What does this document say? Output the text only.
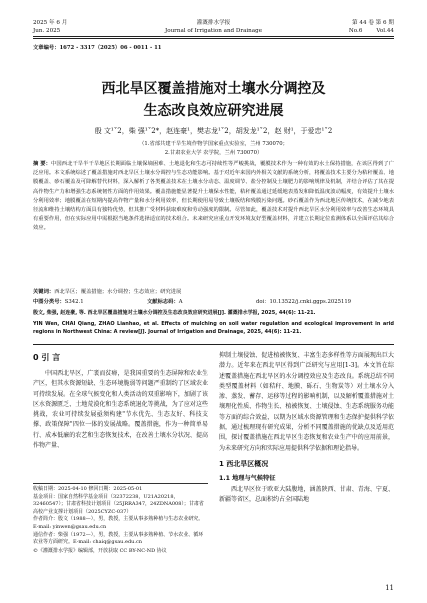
2025 年 6 月
Jun. 2025
灌溉排水学报
Journal of Irrigation and Drainage
第 44 卷 第 6 期
No.6	Vol.44
文章编号：1672 - 3317（2025）06 - 0011 - 11
西北旱区覆盖措施对土壤水分调控及
生态改良效应研究进展
殷 文¹ˇ2，柴 强¹ˇ2*，赵连豪¹，樊志龙¹ˇ2，胡发龙¹ˇ2，赵 财¹，于爱忠¹ˇ2
（1.省部共建干旱生境作物学国家重点实验室，兰州 730070；
2.甘肃农业大学 农学院，兰州 730070）
摘 要：中国西北干旱半干旱地区长期面临土壤保墒困难、土地退化和生态可持续性等严峻挑战，覆膜技术作为一种有效的水土保持措施，在该区得到了广泛应用。本文系统综述了覆盖措施对西北旱区土壤水分调控与生态功能影响。基于对近年来国内外相关文献的系统分析，将覆盖技术主要分为秸秆覆盖、地膜覆盖、砂石覆盖及可降解替代材料，深入解析了各类覆盖技术在土壤水分动态、温度调节、盐分控制及土壤肥力的影响规律及机制，并结合评估了其在提高作物生产力和增强生态系统韧性方面的作用效果。覆盖措施能显著提升土壤保水性能，秸秆覆盖通过延缓地表蒸发和降低温度波动幅度，有效提升土壤水分利用效率；地膜覆盖在短期内提高作物产量和水分利用效率，但长期使用易导致土壤板结和残膜污染问题。砂石覆盖作为西北地区传统技术，在减少地表径流和维持土壤结构方面具有独特优势，但其推广受材料获取难度和劳动强度的限制。尽管如此，覆盖技术对提升西北旱区水分利用效率与改善生态环境具有重要作用，但在实际应用中需根据当地条件选择适宜的技术组合。未来研究应重点开发环境友好型覆盖材料，并建立长期定位监测体系以全面评估其综合效应。
关键词：西北旱区；覆盖措施；水分调控；生态效应；研究进展
中图分类号：S342.1	文献标志码：A	doi：10.13522/j.cnki.ggps.2025119
殷文, 柴强, 赵连豪, 等. 西北旱区覆盖措施对土壤水分调控及生态改良效应研究进展[J]. 灌溉排水学报, 2025, 44(6): 11-21.
YIN Wen, CHAI Qiang, ZHAO Lianhao, et al. Effects of mulching on soil water regulation and ecological improvement in arid regions in Northwest China: A review[J]. Journal of Irrigation and Drainage, 2025, 44(6): 11-21.
0 引 言
中国西北旱区，广袤而贫瘠，是我国重要的生态屏障和农业生产区，但其水资源短缺、生态环境脆弱等问题严重制约了区域农业可持续发展。在全球气候变化和人类活动的双重影响下，加剧了该区水资源匮乏、土地荒漠化和生态系统退化等挑战，为了应对这些挑战，农业可持续发展亟须构建"节水优先、生态友好、科技支撑、政策保障"四位一体的发展战略。覆盖措施，作为一种简单易行、成本低廉的农艺和生态恢复技术，在改善土壤水分状况、提高作物产量、
收稿日期：2025-04-10 修回日期：2025-05-01
基金项目：国家自然科学基金项目（32372238，U21A20218，32460547）；甘肃省科技计划项目（25JRRA347，24ZDNA008）；甘肃省高校产业支撑计划项目（2025CYZC-037）
作者简介：殷文（1988—），男，教授，主要从事多熟种植与生态农业研究。E-mail: yinwen@gsau.edu.cn
通信作者：柴强（1972—），男，教授，主要从事多熟种植、节水农业、循环农业等方面研究。E-mail: chaiq@gsau.edu.cn
©《灌溉排水学报》编辑部，开放获取 CC BY-NC-ND 协议
抑制土壤侵蚀、促进植被恢复、丰富生态多样性等方面展现出巨大潜力。近年来在西北旱区得到广泛研究与应用[1-3]。本文旨在综述覆盖措施在西北旱区的水分调控效应及生态改良。系统总结不同类型覆盖材料（如秸秆、地膜、砾石、生物炭等）对土壤水分入渗、蒸发、蓄存、运移等过程的影响机制，以及解析覆盖措施对土壤理化性质、作物生长、植被恢复、土壤侵蚀、生态系统服务功能等方面的综合效益，以期为区域水资源管理和生态保护提供科学依据，通过梳理现有研究成果，分析不同覆盖措施的优缺点及适用范围，探讨覆盖措施在西北旱区生态恢复和农业生产中的应用前景，为未来研究方向和实际应用提供科学依据和理论指导。
1 西北旱区概况
1.1 地理与气候特征
西北旱区位于欧亚大陆腹地，涵盖陕西、甘肃、青海、宁夏、新疆等省区，总面积约占全国陆地
11
